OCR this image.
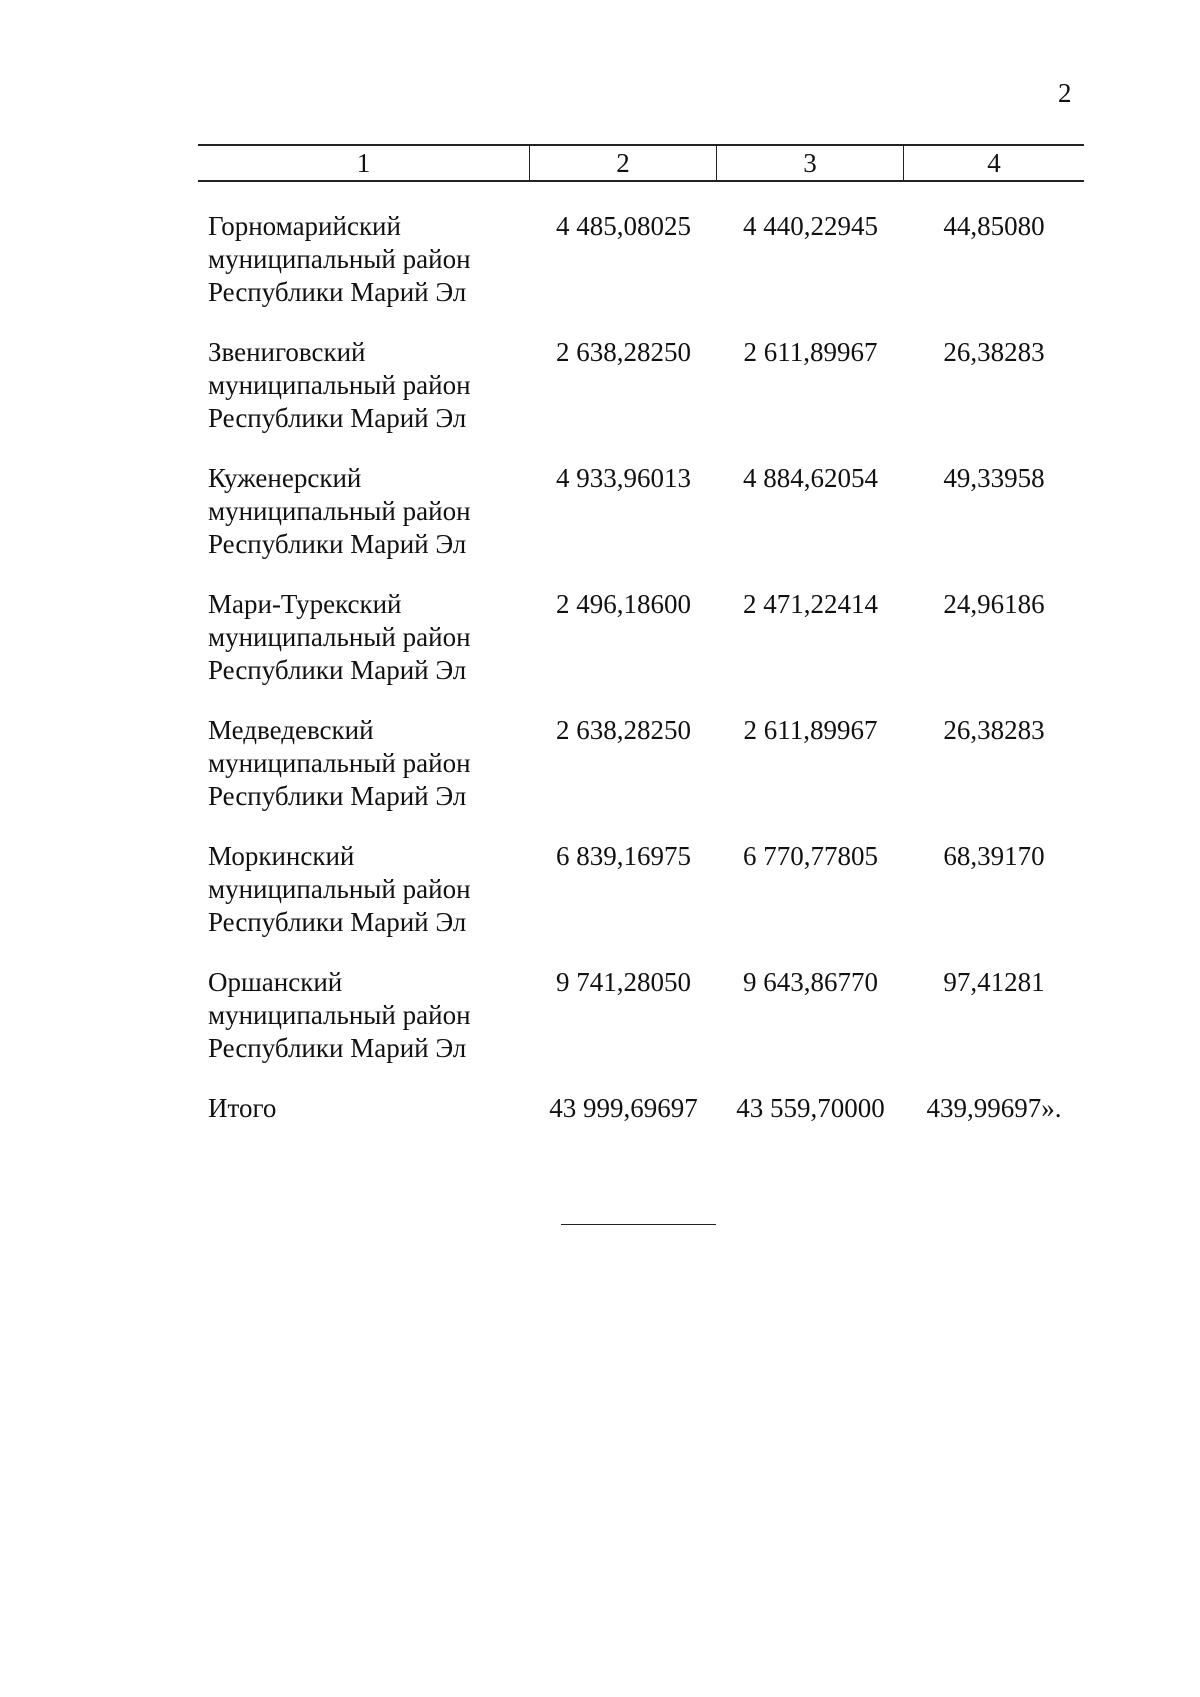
2
1	2	3	4
Горномарийский
муниципальный район
Республики Марий Эл
4 485,08025	4 440,22945	44,85080
Звениговский
муниципальный район
Республики Марий Эл
2 638,28250	2 611,89967	26,38283
Куженерский
муниципальный район
Республики Марий Эл
4 933,96013	4 884,62054	49,33958
Мари-Турекский
муниципальный район
Республики Марий Эл
2 496,18600	2 471,22414	24,96186
Медведевский
муниципальный район
Республики Марий Эл
2 638,28250	2 611,89967	26,38283
Моркинский
муниципальный район
Республики Марий Эл
6 839,16975	6 770,77805	68,39170
Оршанский
муниципальный район
Республики Марий Эл
9 741,28050	9 643,86770	97,41281
Итого	43 999,69697	43 559,70000	439,99697».
